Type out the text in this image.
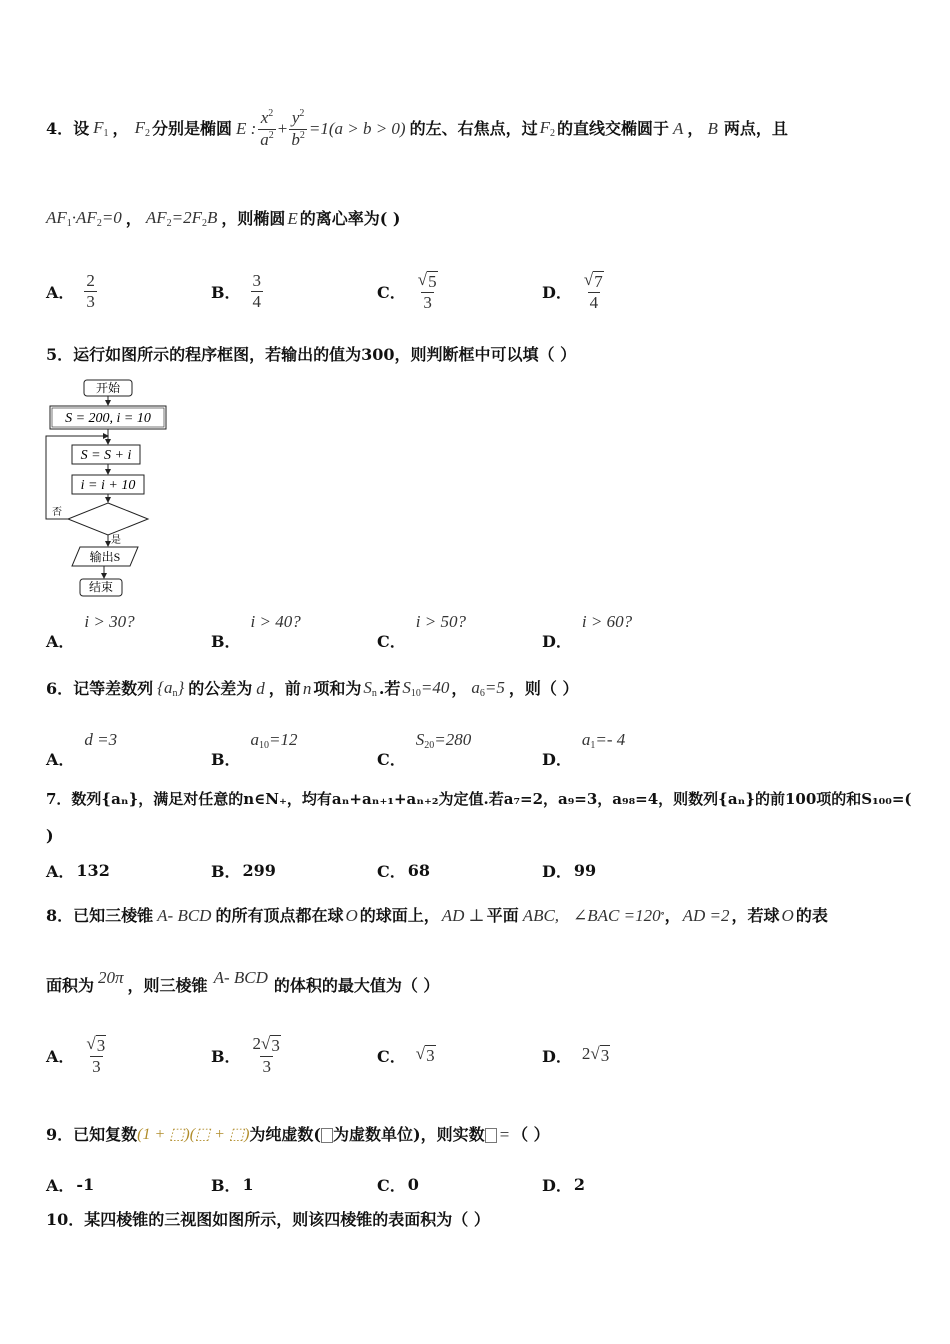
4． 设 $F_1$ ， $F_2$ 分别是椭圆 E : $\frac{x^2}{a^2} + \frac{y^2}{b^2} =1(a > b > 0)$ 的左、右焦点，过 $F_2$ 的直线交椭圆于 A ， B 两点，且
$AF_1\cdot AF_2=0$ ， $AF_2=2F_2B$ ，则椭圆 E 的离心率为( )
A． $\frac{2}{3}$	B． $\frac{3}{4}$	C． $\frac{√ 5}{3}$	D． $\frac{√ 7}{4}$
5．运行如图所示的程序框图，若输出的值为300，则判断框中可以填（ ）
开始
S = 200, i = 10
S = S + i
i = i + 10
否
是
输出S
结束
A．
i > 30?
B．
i > 40?
C．
i > 50?
D．
i > 60?
6． 记等差数列 $\{a_n\}$ 的公差为 d ，前 n 项和为 $S_n$ .若 $S_{10}=40$ ， $a_6=5$ ，则（ ）
A．
d =3
B．
$a_{10}=12$
C．
$S_{20}=280$
D．
$a_1=-$ 4
7．数列{aₙ}，满足对任意的n∈N₊，均有aₙ+aₙ₊₁+aₙ₊₂为定值.若a₇=2，a₉=3，a₉₈=4，则数列{aₙ}的前100项的和S₁₀₀=(
)
A． 132	B． 299	C． 68	D． 99
8． 已知三棱锥 A- BCD 的所有顶点都在球 O 的球面上， AD ⊥ 平面 ABC, ∠BAC =120 ° ， AD =2 ，若球 O 的表
面积为 20π ，则三棱锥 A- BCD 的体积的最大值为（ ）
A． $\frac{√ 3}{3}$	B． $\frac{2 √ 3}{3}$	C． √ 3	D． 2 √ 3
9． 已知复数 (1 + ⬚)(⬚ + ⬚) 为纯虚数( 为虚数单位)，则实数 = （ ）
A． -1	B． 1	C． 0	D． 2
10．某四棱锥的三视图如图所示，则该四棱锥的表面积为（ ）
